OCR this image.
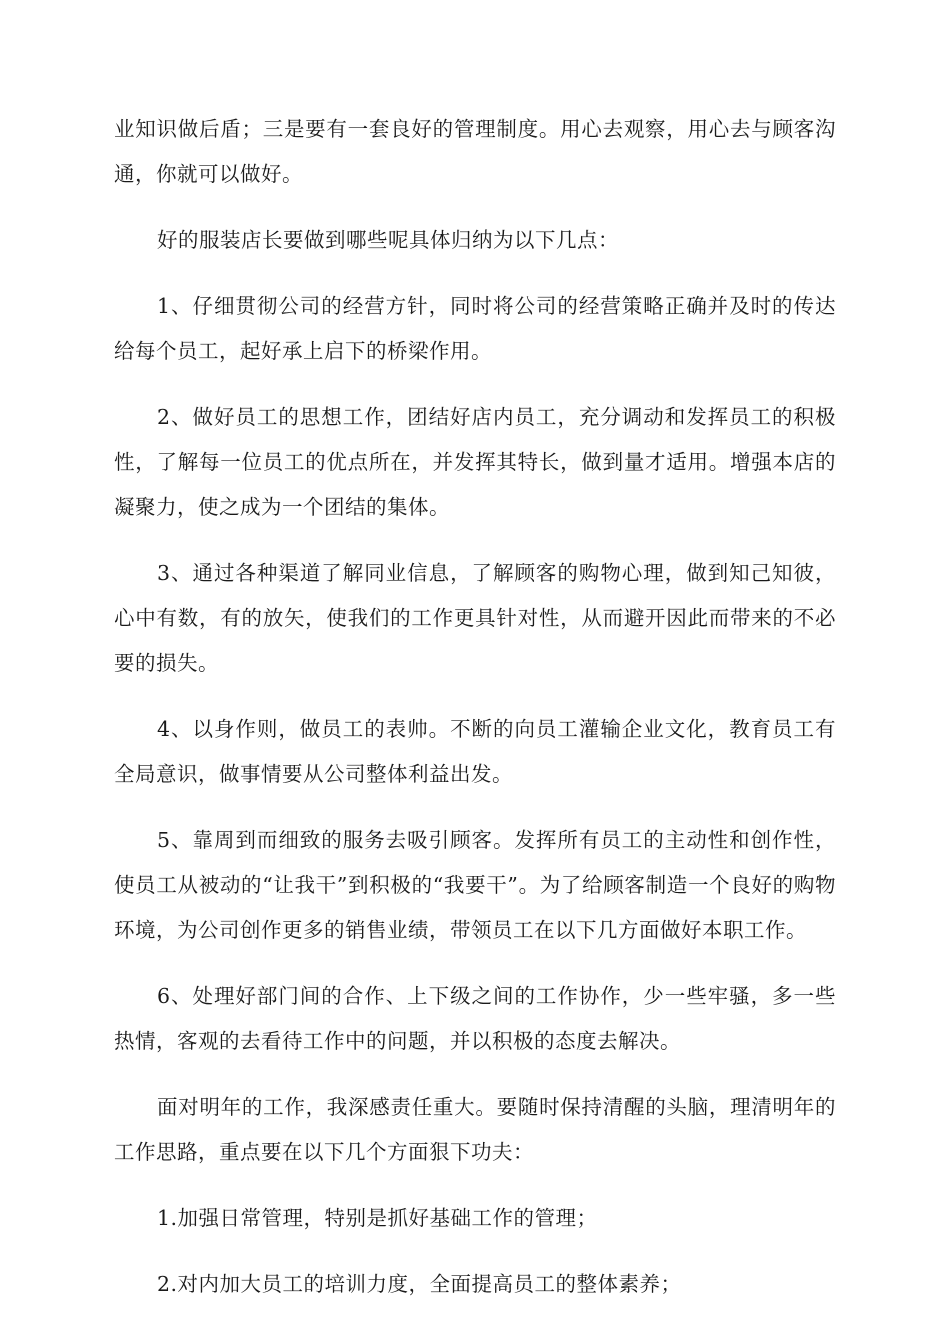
业知识做后盾；三是要有一套良好的管理制度。用心去观察，用心去与顾客沟通，你就可以做好。

好的服装店长要做到哪些呢具体归纳为以下几点：

1、仔细贯彻公司的经营方针，同时将公司的经营策略正确并及时的传达给每个员工，起好承上启下的桥梁作用。

2、做好员工的思想工作，团结好店内员工，充分调动和发挥员工的积极性，了解每一位员工的优点所在，并发挥其特长，做到量才适用。增强本店的凝聚力，使之成为一个团结的集体。

3、通过各种渠道了解同业信息，了解顾客的购物心理，做到知己知彼，心中有数，有的放矢，使我们的工作更具针对性，从而避开因此而带来的不必要的损失。

4、以身作则，做员工的表帅。不断的向员工灌输企业文化，教育员工有全局意识，做事情要从公司整体利益出发。

5、靠周到而细致的服务去吸引顾客。发挥所有员工的主动性和创作性，使员工从被动的“让我干”到积极的“我要干”。为了给顾客制造一个良好的购物环境，为公司创作更多的销售业绩，带领员工在以下几方面做好本职工作。

6、处理好部门间的合作、上下级之间的工作协作，少一些牢骚，多一些热情，客观的去看待工作中的问题，并以积极的态度去解决。

面对明年的工作，我深感责任重大。要随时保持清醒的头脑，理清明年的工作思路，重点要在以下几个方面狠下功夫：

1.加强日常管理，特别是抓好基础工作的管理；

2.对内加大员工的培训力度，全面提高员工的整体素养；
